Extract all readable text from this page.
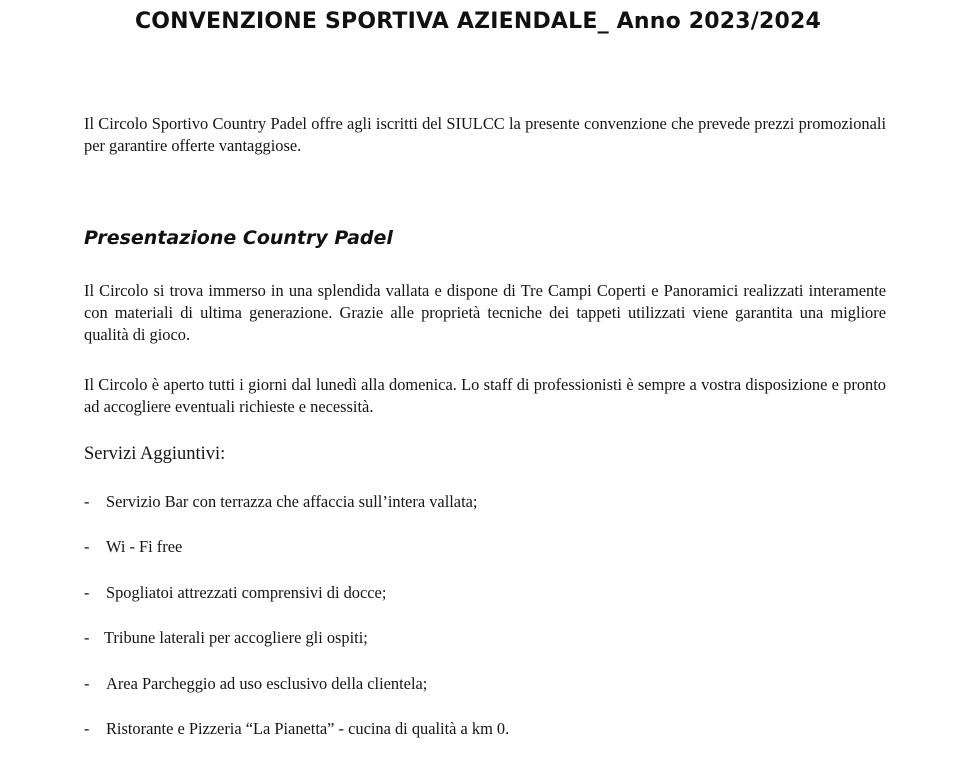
CONVENZIONE SPORTIVA AZIENDALE_ Anno 2023/2024
Il Circolo Sportivo Country Padel offre agli iscritti del SIULCC la presente convenzione che prevede prezzi promozionali per garantire offerte vantaggiose.
Presentazione Country Padel
Il Circolo si trova immerso in una splendida vallata e dispone di Tre Campi Coperti e Panoramici realizzati interamente con materiali di ultima generazione. Grazie alle proprietà tecniche dei tappeti utilizzati viene garantita una migliore qualità di gioco.
Il Circolo è aperto tutti i giorni dal lunedì alla domenica. Lo staff di professionisti è sempre a vostra disposizione e pronto ad accogliere eventuali richieste e necessità.
Servizi Aggiuntivi:
- Servizio Bar con terrazza che affaccia sull’intera vallata;
- Wi - Fi free
- Spogliatoi attrezzati comprensivi di docce;
- Tribune laterali per accogliere gli ospiti;
- Area Parcheggio ad uso esclusivo della clientela;
- Ristorante e Pizzeria “La Pianetta” - cucina di qualità a km 0.
